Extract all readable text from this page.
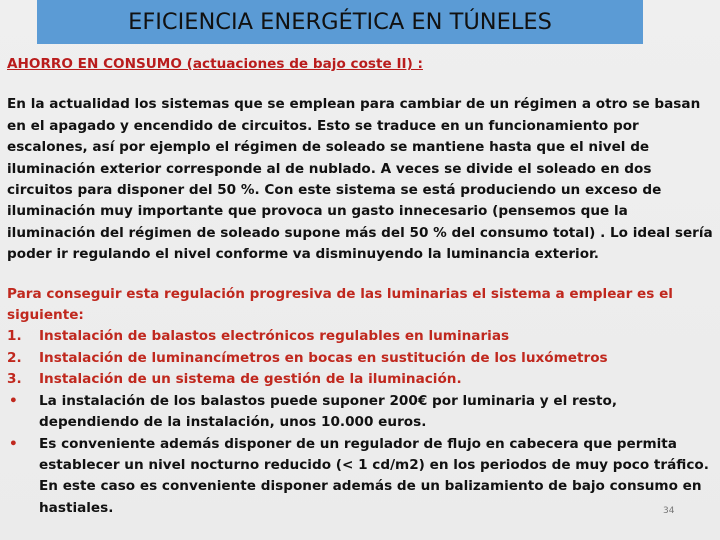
EFICIENCIA ENERGÉTICA EN TÚNELES

AHORRO EN CONSUMO (actuaciones de bajo coste II) :

En la actualidad los sistemas que se emplean para cambiar de un régimen a otro se basan en el apagado y encendido de circuitos. Esto se traduce en un funcionamiento por escalones, así por ejemplo el régimen de soleado se mantiene hasta que el nivel de iluminación exterior corresponde al de nublado. A veces se divide el soleado en dos circuitos para disponer del 50 %. Con este sistema se está produciendo un exceso de iluminación muy importante que provoca un gasto innecesario (pensemos que la iluminación del régimen de soleado supone más del 50 % del consumo total) . Lo ideal sería poder ir regulando el nivel conforme va disminuyendo la luminancia exterior.

Para conseguir esta regulación progresiva de las luminarias el sistema a emplear es el siguiente:

1.	Instalación de balastos electrónicos regulables en luminarias
2.	Instalación de luminancímetros en bocas en sustitución de los luxómetros
3.	Instalación de un sistema de gestión de la iluminación.
•	La instalación de los balastos puede suponer 200€ por luminaria y el resto, dependiendo de la instalación, unos 10.000 euros.
•	Es conveniente además disponer de un regulador de flujo en cabecera que permita establecer un nivel nocturno reducido (< 1 cd/m2) en los periodos de muy poco tráfico. En este caso es conveniente disponer además de un balizamiento de bajo consumo en hastiales.	34
